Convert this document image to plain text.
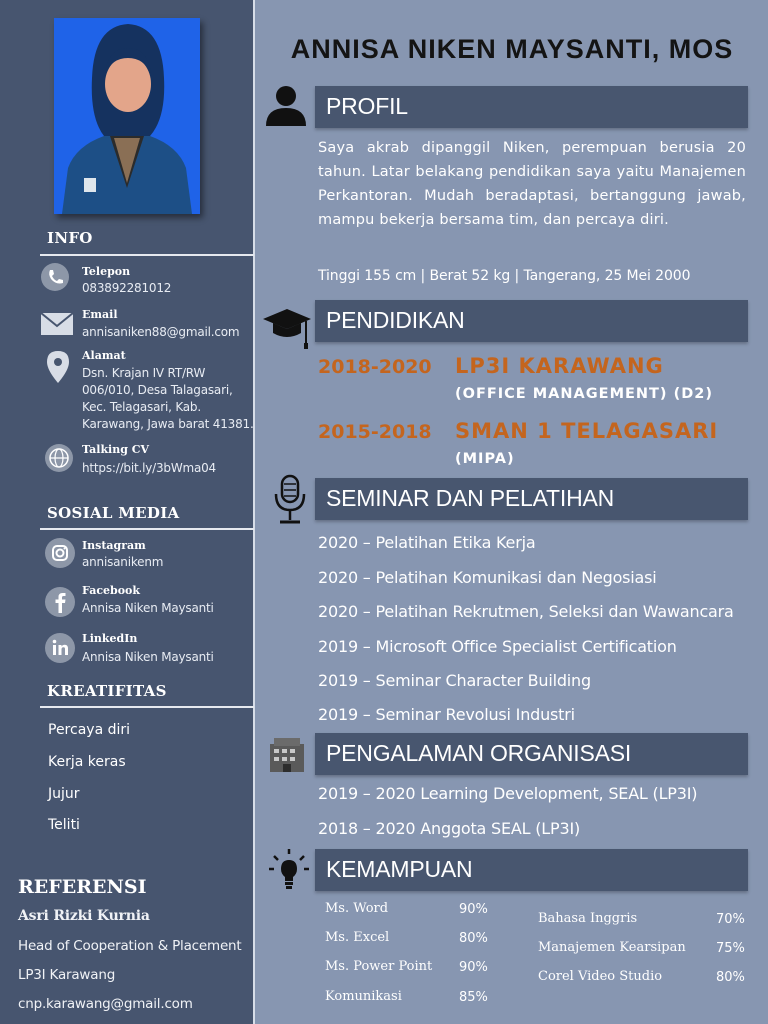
INFO
Telepon
083892281012
Email
annisaniken88@gmail.com
Alamat
Dsn. Krajan IV RT/RW
006/010, Desa Talagasari,
Kec. Telagasari, Kab.
Karawang, Jawa barat 41381.
Talking CV
https://bit.ly/3bWma04
SOSIAL MEDIA
Instagram
annisanikenm
Facebook
Annisa Niken Maysanti
LinkedIn
Annisa Niken Maysanti
KREATIFITAS
Percaya diri
Kerja keras
Jujur
Teliti
REFERENSI
Asri Rizki Kurnia
Head of Cooperation & Placement
LP3I Karawang
cnp.karawang@gmail.com
ANNISA NIKEN MAYSANTI, MOS
PROFIL
Saya akrab dipanggil Niken, perempuan berusia 20 tahun. Latar belakang pendidikan saya yaitu Manajemen Perkantoran. Mudah beradaptasi, bertanggung jawab, mampu bekerja bersama tim, dan percaya diri.
Tinggi 155 cm | Berat 52 kg | Tangerang, 25 Mei 2000
PENDIDIKAN
2018-2020 LP3I KARAWANG
(OFFICE MANAGEMENT) (D2)
2015-2018 SMAN 1 TELAGASARI
(MIPA)
SEMINAR DAN PELATIHAN
2020 – Pelatihan Etika Kerja
2020 – Pelatihan Komunikasi dan Negosiasi
2020 – Pelatihan Rekrutmen, Seleksi dan Wawancara
2019 – Microsoft Office Specialist Certification
2019 – Seminar Character Building
2019 – Seminar Revolusi Industri
PENGALAMAN ORGANISASI
2019 – 2020 Learning Development, SEAL (LP3I)
2018 – 2020 Anggota SEAL (LP3I)
KEMAMPUAN
Ms. Word	90%
Ms. Excel	80%
Ms. Power Point 90%
Komunikasi	85%
Bahasa Inggris	70%
Manajemen Kearsipan 75%
Corel Video Studio	80%
